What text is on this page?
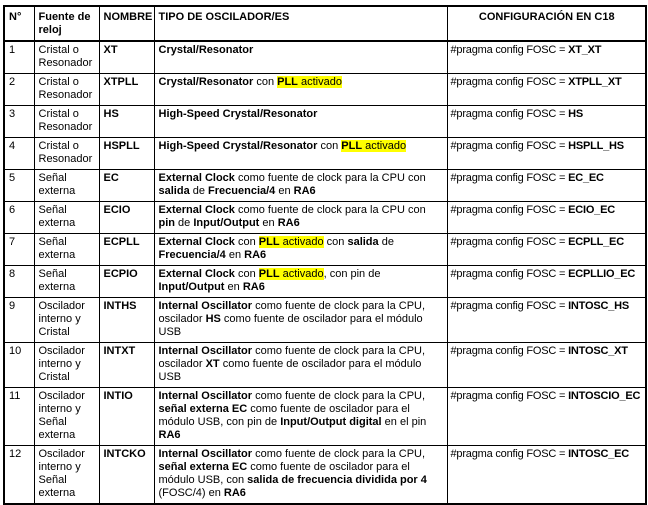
N°	Fuente de reloj	NOMBRE	TIPO DE OSCILADOR/ES	CONFIGURACIÓN EN C18
1	Cristal o Resonador	XT	Crystal/Resonator	#pragma config FOSC = XT_XT
2	Cristal o Resonador	XTPLL	Crystal/Resonator con PLL activado	#pragma config FOSC = XTPLL_XT
3	Cristal o Resonador	HS	High-Speed Crystal/Resonator	#pragma config FOSC = HS
4	Cristal o Resonador	HSPLL	High-Speed Crystal/Resonator con PLL activado	#pragma config FOSC = HSPLL_HS
5	Señal externa	EC	External Clock como fuente de clock para la CPU con salida de Frecuencia/4 en RA6	#pragma config FOSC = EC_EC
6	Señal externa	ECIO	External Clock como fuente de clock para la CPU con pin de Input/Output en RA6	#pragma config FOSC = ECIO_EC
7	Señal externa	ECPLL	External Clock con PLL activado con salida de Frecuencia/4 en RA6	#pragma config FOSC = ECPLL_EC
8	Señal externa	ECPIO	External Clock con PLL activado, con pin de Input/Output en RA6	#pragma config FOSC = ECPLLIO_EC
9	Oscilador interno y Cristal	INTHS	Internal Oscillator como fuente de clock para la CPU, oscilador HS como fuente de oscilador para el módulo USB	#pragma config FOSC = INTOSC_HS
10	Oscilador interno y Cristal	INTXT	Internal Oscillator como fuente de clock para la CPU, oscilador XT como fuente de oscilador para el módulo USB	#pragma config FOSC = INTOSC_XT
11	Oscilador interno y Señal externa	INTIO	Internal Oscillator como fuente de clock para la CPU, señal externa EC como fuente de oscilador para el módulo USB, con pin de Input/Output digital en el pin RA6	#pragma config FOSC = INTOSCIO_EC
12	Oscilador interno y Señal externa	INTCKO	Internal Oscillator como fuente de clock para la CPU, señal externa EC como fuente de oscilador para el módulo USB, con salida de frecuencia dividida por 4 (FOSC/4) en RA6	#pragma config FOSC = INTOSC_EC
